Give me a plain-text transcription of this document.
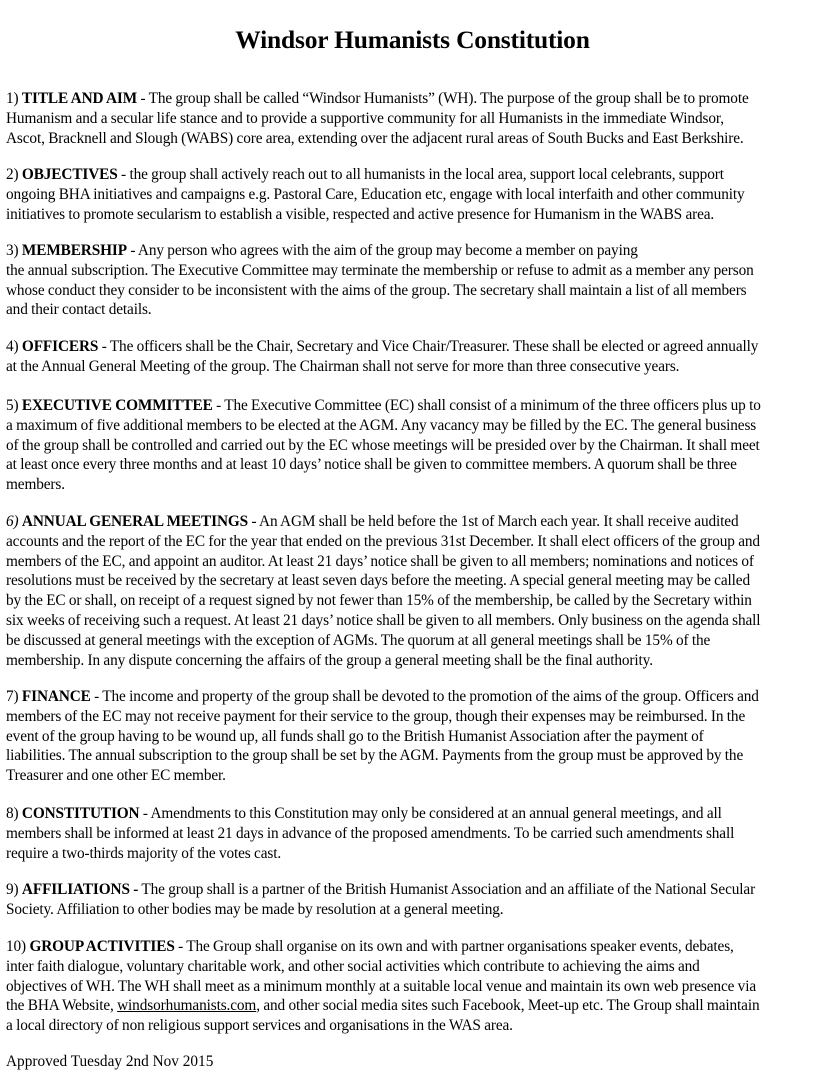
Windsor Humanists Constitution
1) TITLE AND AIM - The group shall be called “Windsor Humanists” (WH). The purpose of the group shall be to promote
Humanism and a secular life stance and to provide a supportive community for all Humanists in the immediate Windsor,
Ascot, Bracknell and Slough (WABS) core area, extending over the adjacent rural areas of South Bucks and East Berkshire.
2) OBJECTIVES - the group shall actively reach out to all humanists in the local area, support local celebrants, support
ongoing BHA initiatives and campaigns e.g. Pastoral Care, Education etc, engage with local interfaith and other community
initiatives to promote secularism to establish a visible, respected and active presence for Humanism in the WABS area.
3) MEMBERSHIP - Any person who agrees with the aim of the group may become a member on paying
the annual subscription. The Executive Committee may terminate the membership or refuse to admit as a member any person
whose conduct they consider to be inconsistent with the aims of the group. The secretary shall maintain a list of all members
and their contact details.
4) OFFICERS - The officers shall be the Chair, Secretary and Vice Chair/Treasurer. These shall be elected or agreed annually
at the Annual General Meeting of the group. The Chairman shall not serve for more than three consecutive years.
5) EXECUTIVE COMMITTEE - The Executive Committee (EC) shall consist of a minimum of the three officers plus up to
a maximum of five additional members to be elected at the AGM. Any vacancy may be filled by the EC. The general business
of the group shall be controlled and carried out by the EC whose meetings will be presided over by the Chairman. It shall meet
at least once every three months and at least 10 days’ notice shall be given to committee members. A quorum shall be three
members.
6) ANNUAL GENERAL MEETINGS - An AGM shall be held before the 1st of March each year. It shall receive audited
accounts and the report of the EC for the year that ended on the previous 31st December. It shall elect officers of the group and
members of the EC, and appoint an auditor. At least 21 days’ notice shall be given to all members; nominations and notices of
resolutions must be received by the secretary at least seven days before the meeting. A special general meeting may be called
by the EC or shall, on receipt of a request signed by not fewer than 15% of the membership, be called by the Secretary within
six weeks of receiving such a request. At least 21 days’ notice shall be given to all members. Only business on the agenda shall
be discussed at general meetings with the exception of AGMs. The quorum at all general meetings shall be 15% of the
membership. In any dispute concerning the affairs of the group a general meeting shall be the final authority.
7) FINANCE - The income and property of the group shall be devoted to the promotion of the aims of the group. Officers and
members of the EC may not receive payment for their service to the group, though their expenses may be reimbursed. In the
event of the group having to be wound up, all funds shall go to the British Humanist Association after the payment of
liabilities. The annual subscription to the group shall be set by the AGM. Payments from the group must be approved by the
Treasurer and one other EC member.
8) CONSTITUTION - Amendments to this Constitution may only be considered at an annual general meetings, and all
members shall be informed at least 21 days in advance of the proposed amendments. To be carried such amendments shall
require a two-thirds majority of the votes cast.
9) AFFILIATIONS - The group shall is a partner of the British Humanist Association and an affiliate of the National Secular
Society. Affiliation to other bodies may be made by resolution at a general meeting.
10) GROUP ACTIVITIES - The Group shall organise on its own and with partner organisations speaker events, debates,
inter faith dialogue, voluntary charitable work, and other social activities which contribute to achieving the aims and
objectives of WH. The WH shall meet as a minimum monthly at a suitable local venue and maintain its own web presence via
the BHA Website, windsorhumanists.com, and other social media sites such Facebook, Meet-up etc. The Group shall maintain
a local directory of non religious support services and organisations in the WAS area.

Approved Tuesday 2nd Nov 2015
